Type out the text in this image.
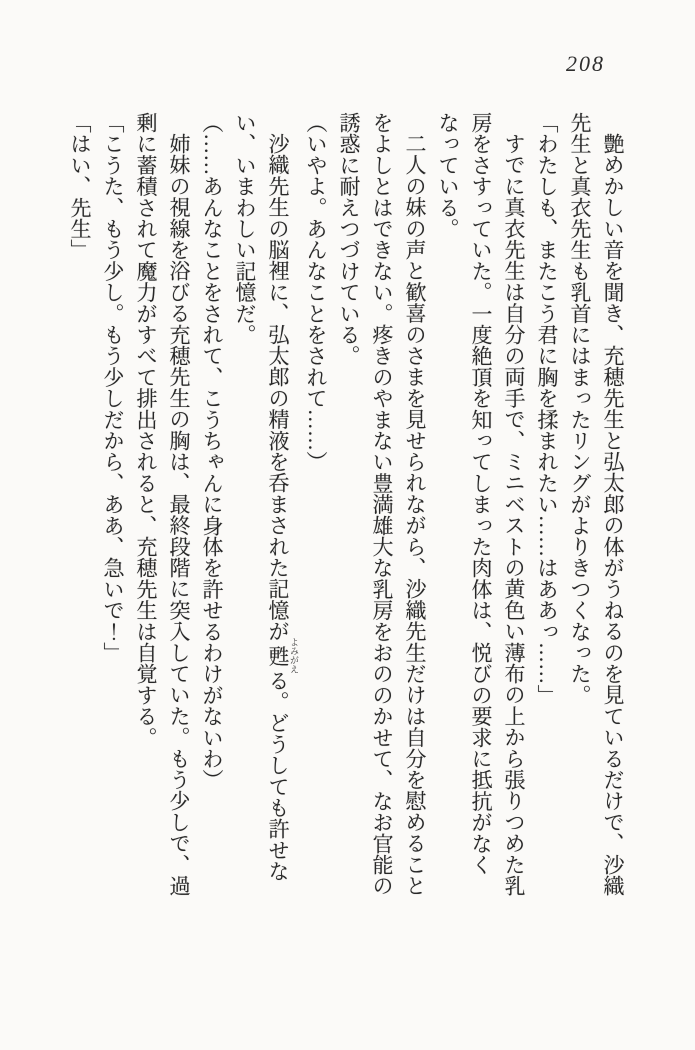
208

艶めかしい音を聞き、充穂先生と弘太郎の体がうねるのを見ているだけで、沙織先生と真衣先生も乳首にはまったリングがよりきつくなった。

「わたしも、またこう君に胸を揉まれたい……はああっ……」

すでに真衣先生は自分の両手で、ミニベストの黄色い薄布の上から張りつめた乳房をさすっていた。一度絶頂を知ってしまった肉体は、悦びの要求に抵抗がなくなっている。

二人の妹の声と歓喜のさまを見せられながら、沙織先生だけは自分を慰めることをよしとはできない。疼きのやまない豊満雄大な乳房をおののかせて、なお官能の誘惑に耐えつづけている。

（いやよ。あんなことをされて……）

沙織先生の脳裡に、弘太郎の精液を呑まされた記憶が甦 よみがえる。どうしても許せない、いまわしい記憶だ。

（……あんなことをされて、こうちゃんに身体を許せるわけがないわ）

姉妹の視線を浴びる充穂先生の胸は、最終段階に突入していた。もう少しで、過剰に蓄積されて魔力がすべて排出されると、充穂先生は自覚する。

「こうた、もう少し。もう少しだから、ああ、急いで！」

「はい、先生」
